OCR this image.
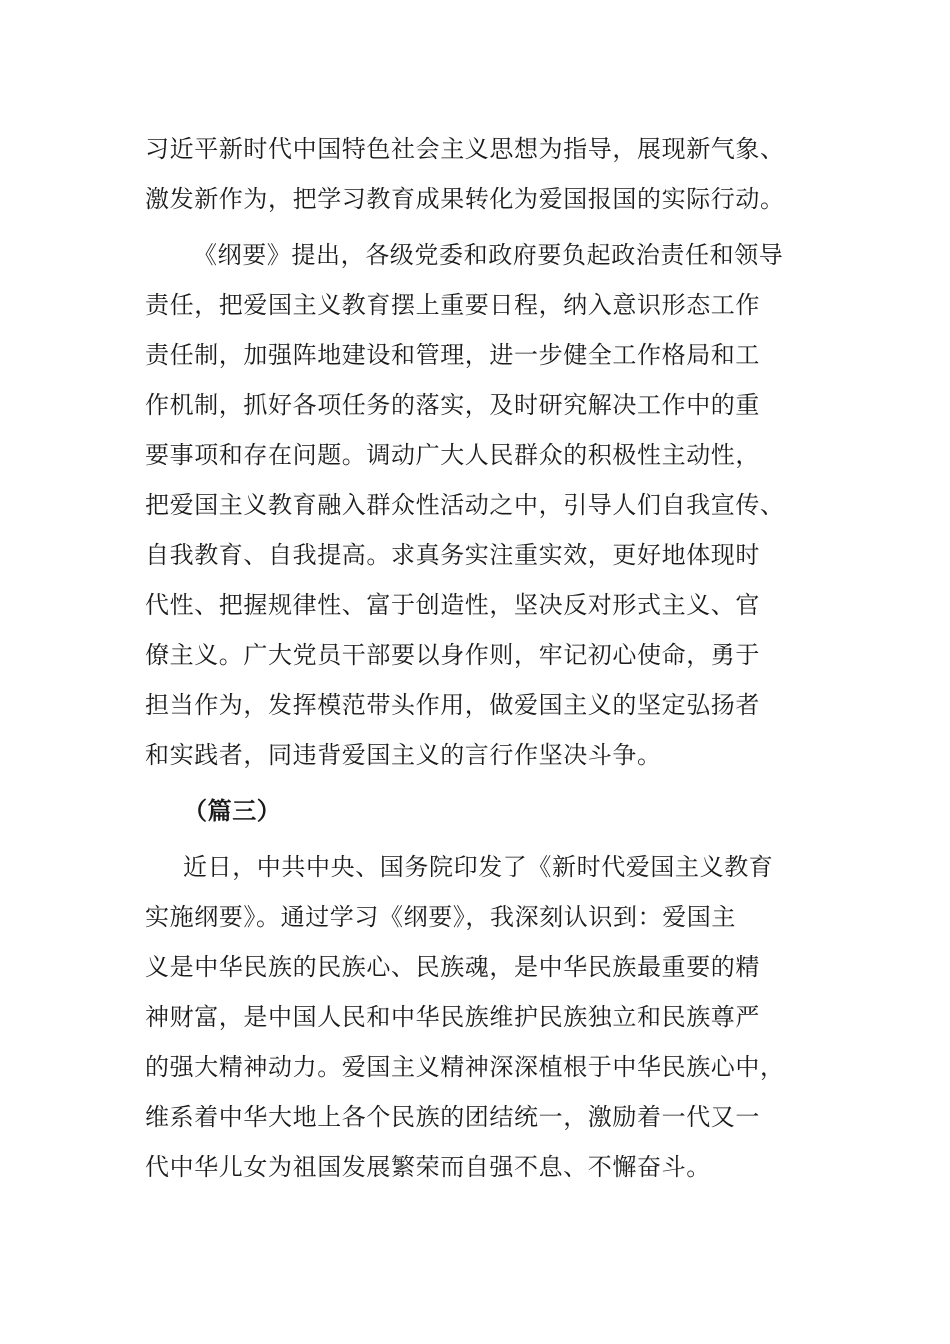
习近平新时代中国特色社会主义思想为指导，展现新气象、
激发新作为，把学习教育成果转化为爱国报国的实际行动。
《纲要》提出，各级党委和政府要负起政治责任和领导
责任，把爱国主义教育摆上重要日程，纳入意识形态工作
责任制，加强阵地建设和管理，进一步健全工作格局和工
作机制，抓好各项任务的落实，及时研究解决工作中的重
要事项和存在问题。调动广大人民群众的积极性主动性，
把爱国主义教育融入群众性活动之中，引导人们自我宣传、
自我教育、自我提高。求真务实注重实效，更好地体现时
代性、把握规律性、富于创造性，坚决反对形式主义、官
僚主义。广大党员干部要以身作则，牢记初心使命，勇于
担当作为，发挥模范带头作用，做爱国主义的坚定弘扬者
和实践者，同违背爱国主义的言行作坚决斗争。
（篇三）
近日，中共中央、国务院印发了《新时代爱国主义教育
实施纲要》。通过学习《纲要》，我深刻认识到：爱国主
义是中华民族的民族心、民族魂，是中华民族最重要的精
神财富，是中国人民和中华民族维护民族独立和民族尊严
的强大精神动力。爱国主义精神深深植根于中华民族心中，
维系着中华大地上各个民族的团结统一，激励着一代又一
代中华儿女为祖国发展繁荣而自强不息、不懈奋斗。
